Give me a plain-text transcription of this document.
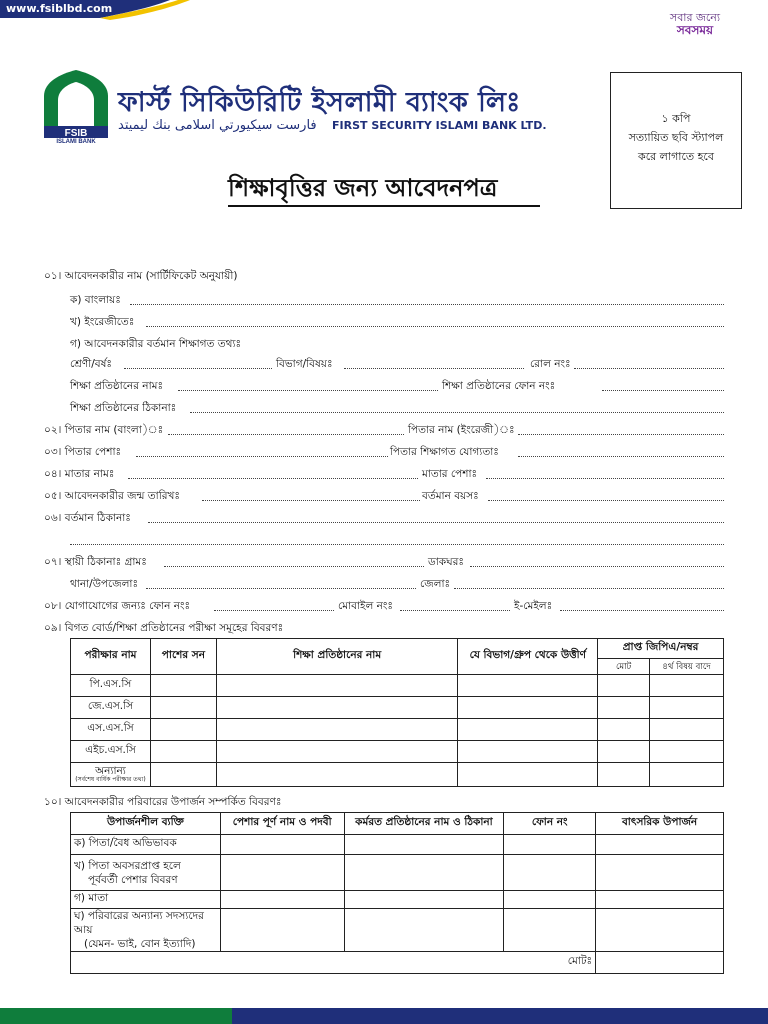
www.fsiblbd.com
সবার জন্যে
সবসময়
FSIB
ISLAMI BANK
ফার্স্ট সিকিউরিটি ইসলামী ব্যাংক লিঃ
فارست سيكيورتي اسلامی بنك ليميتد FIRST SECURITY ISLAMI BANK LTD.
১ কপি
সত্যায়িত ছবি স্ট্যাপল
করে লাগাতে হবে
শিক্ষাবৃত্তির জন্য আবেদনপত্র
০১। আবেদনকারীর নাম (সার্টিফিকেট অনুযায়ী)
ক) বাংলায়ঃ
খ) ইংরেজীতেঃ
গ) আবেদনকারীর বর্তমান শিক্ষাগত তথ্যঃ
শ্রেণী/বর্ষঃ	বিভাগ/বিষয়ঃ	রোল নংঃ
শিক্ষা প্রতিষ্ঠানের নামঃ	শিক্ষা প্রতিষ্ঠানের ফোন নংঃ
শিক্ষা প্রতিষ্ঠানের ঠিকানাঃ
০২। পিতার নাম (বাংলা)ঃ	পিতার নাম (ইংরেজী)ঃ
০৩। পিতার পেশাঃ	পিতার শিক্ষাগত যোগ্যতাঃ
০৪। মাতার নামঃ	মাতার পেশাঃ
০৫। আবেদনকারীর জন্ম তারিখঃ	বর্তমান বয়সঃ
০৬। বর্তমান ঠিকানাঃ
০৭। স্থায়ী ঠিকানাঃ গ্রামঃ	ডাকঘরঃ
থানা/উপজেলাঃ	জেলাঃ
০৮। যোগাযোগের জন্যঃ ফোন নংঃ	মোবাইল নংঃ	ই-মেইলঃ
০৯। বিগত বোর্ড/শিক্ষা প্রতিষ্ঠানের পরীক্ষা সমূহের বিবরণঃ
পরীক্ষার নাম	পাশের সন	শিক্ষা প্রতিষ্ঠানের নাম	যে বিভাগ/গ্রুপ থেকে উত্তীর্ণ	প্রাপ্ত জিপিএ/নম্বর	
				মোট	৪র্থ বিষয় বাদে
পি.এস.সি					
জে.এস.সি					
এস.এস.সি					
এইচ.এস.সি					

অন্যান্য
(সর্বশেষ বার্ষিক পরীক্ষার তথ্য)					

১০। আবেদনকারীর পরিবারের উপার্জন সম্পর্কিত বিবরণঃ
উপার্জনশীল ব্যক্তি	পেশার পূর্ণ নাম ও পদবী	কর্মরত প্রতিষ্ঠানের নাম ও ঠিকানা	ফোন নং	বাৎসরিক উপার্জন
ক) পিতা/বৈধ অভিভাবক				

খ) পিতা অবসরপ্রাপ্ত হলে
পূর্ববর্তী পেশার বিবরণ				

গ) মাতা				

ঘ) পরিবারের অন্যান্য সদস্যদের আয়
(যেমন- ভাই, বোন ইত্যাদি)				

মোটঃ				
